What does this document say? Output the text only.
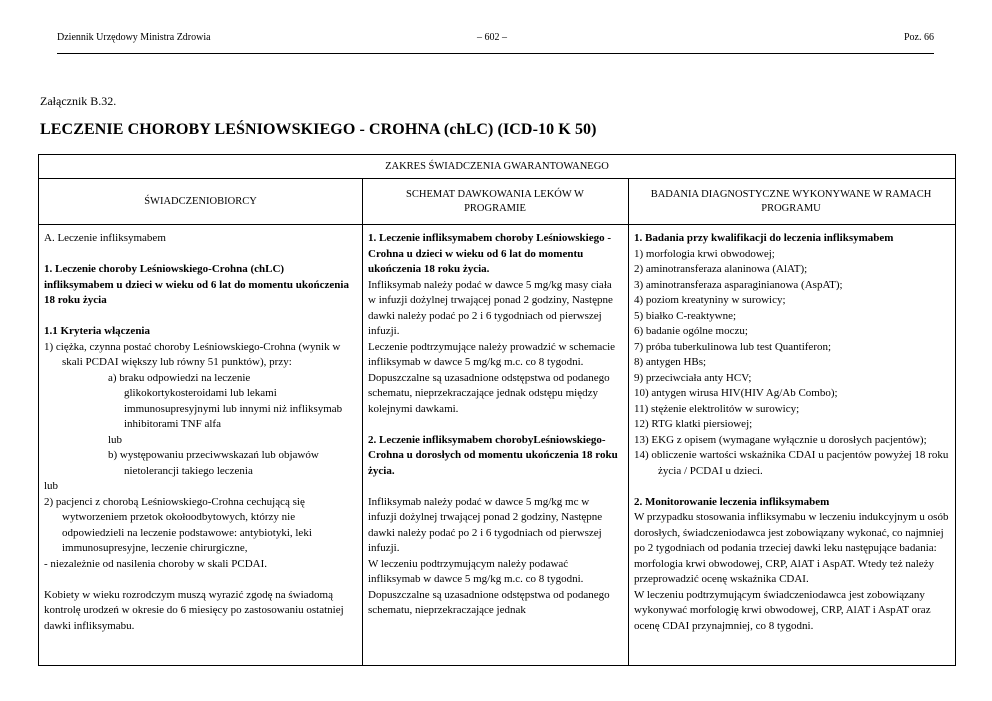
Dziennik Urzędowy Ministra Zdrowia	– 602 –	Poz. 66
Załącznik B.32.
LECZENIE CHOROBY LEŚNIOWSKIEGO - CROHNA (chLC) (ICD-10 K 50)
ZAKRES ŚWIADCZENIA GWARANTOWANEGO
ŚWIADCZENIOBIORCY
SCHEMAT DAWKOWANIA LEKÓW W PROGRAMIE
BADANIA DIAGNOSTYCZNE WYKONYWANE W RAMACH PROGRAMU

A. Leczenie infliksymabem

1. Leczenie choroby Leśniowskiego-Crohna (chLC) infliksymabem u dzieci w wieku od 6 lat do momentu ukończenia 18 roku życia

1.1 Kryteria włączenia

1) ciężka, czynna postać choroby Leśniowskiego-Crohna (wynik w skali PCDAI większy lub równy 51 punktów), przy:

a) braku odpowiedzi na leczenie glikokortykosteroidami lub lekami immunosupresyjnymi lub innymi niż infliksymab inhibitorami TNF alfa

lub

b) występowaniu przeciwwskazań lub objawów nietolerancji takiego leczenia

lub

2) pacjenci z chorobą Leśniowskiego-Crohna cechującą się wytworzeniem przetok okołoodbytowych, którzy nie odpowiedzieli na leczenie podstawowe: antybiotyki, leki immunosupresyjne, leczenie chirurgiczne,

- niezależnie od nasilenia choroby w skali PCDAI.

Kobiety w wieku rozrodczym muszą wyrazić zgodę na świadomą kontrolę urodzeń w okresie do 6 miesięcy po zastosowaniu ostatniej dawki infliksymabu.

1. Leczenie infliksymabem choroby Leśniowskiego - Crohna u dzieci w wieku od 6 lat do momentu ukończenia 18 roku życia.

Infliksymab należy podać w dawce 5 mg/kg masy ciała w infuzji dożylnej trwającej ponad 2 godziny, Następne dawki należy podać po 2 i 6 tygodniach od pierwszej infuzji.

Leczenie podtrzymujące należy prowadzić w schemacie infliksymab w dawce 5 mg/kg m.c. co 8 tygodni.

Dopuszczalne są uzasadnione odstępstwa od podanego schematu, nieprzekraczające jednak odstępu między kolejnymi dawkami.

2. Leczenie infliksymabem chorobyLeśniowskiego-Crohna u dorosłych od momentu ukończenia 18 roku życia.

Infliksymab należy podać w dawce 5 mg/kg mc w infuzji dożylnej trwającej ponad 2 godziny, Następne dawki należy podać po 2 i 6 tygodniach od pierwszej infuzji.

W leczeniu podtrzymującym należy podawać infliksymab w dawce 5 mg/kg m.c. co 8 tygodni.

Dopuszczalne są uzasadnione odstępstwa od podanego schematu, nieprzekraczające jednak

1. Badania przy kwalifikacji do leczenia infliksymabem

1) morfologia krwi obwodowej;

2) aminotransferaza alaninowa (AlAT);

3) aminotransferaza asparaginianowa (AspAT);

4) poziom kreatyniny w surowicy;

5) białko C-reaktywne;

6) badanie ogólne moczu;

7) próba tuberkulinowa lub test Quantiferon;

8) antygen HBs;

9) przeciwciała anty HCV;

10) antygen wirusa HIV(HIV Ag/Ab Combo);

11) stężenie elektrolitów w surowicy;

12) RTG klatki piersiowej;

13) EKG z opisem (wymagane wyłącznie u dorosłych pacjentów);

14) obliczenie wartości wskaźnika CDAI u pacjentów powyżej 18 roku życia / PCDAI u dzieci.

2. Monitorowanie leczenia infliksymabem

W przypadku stosowania infliksymabu w leczeniu indukcyjnym u osób dorosłych, świadczeniodawca jest zobowiązany wykonać, co najmniej po 2 tygodniach od podania trzeciej dawki leku następujące badania: morfologia krwi obwodowej, CRP, AlAT i AspAT. Wtedy też należy przeprowadzić ocenę wskaźnika CDAI.

W leczeniu podtrzymującym świadczeniodawca jest zobowiązany wykonywać morfologię krwi obwodowej, CRP, AlAT i AspAT oraz ocenę CDAI przynajmniej, co 8 tygodni.
